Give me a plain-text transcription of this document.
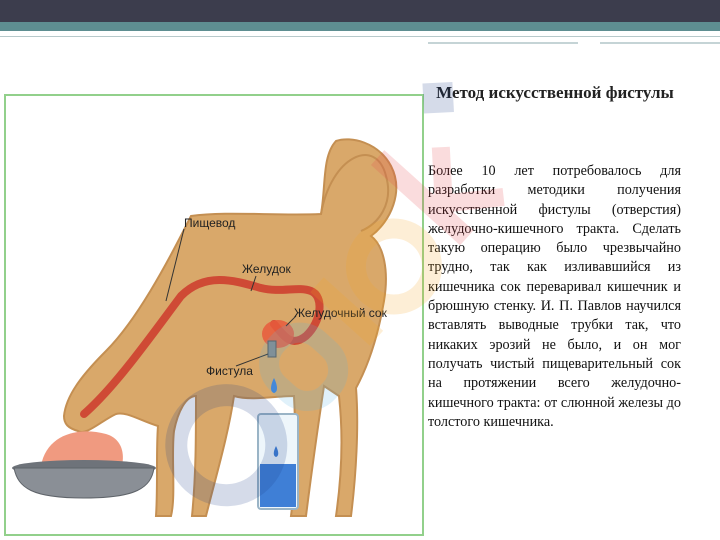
Пищевод
Желудок
Желудочный сок
Фистула
Метод искусственной фистулы
Более 10 лет потребовалось для разработки методики получения искусственной фистулы (отверстия) желудочно-кишечного тракта. Сделать такую операцию было чрезвычайно трудно, так как изливавшийся из кишечника сок переваривал кишечник и брюшную стенку. И. П. Павлов научился вставлять выводные трубки так, что никаких эрозий не было, и он мог получать чистый пищеварительный сок на протяжении всего желудочно-кишечного тракта: от слюнной железы до толстого кишечника.
